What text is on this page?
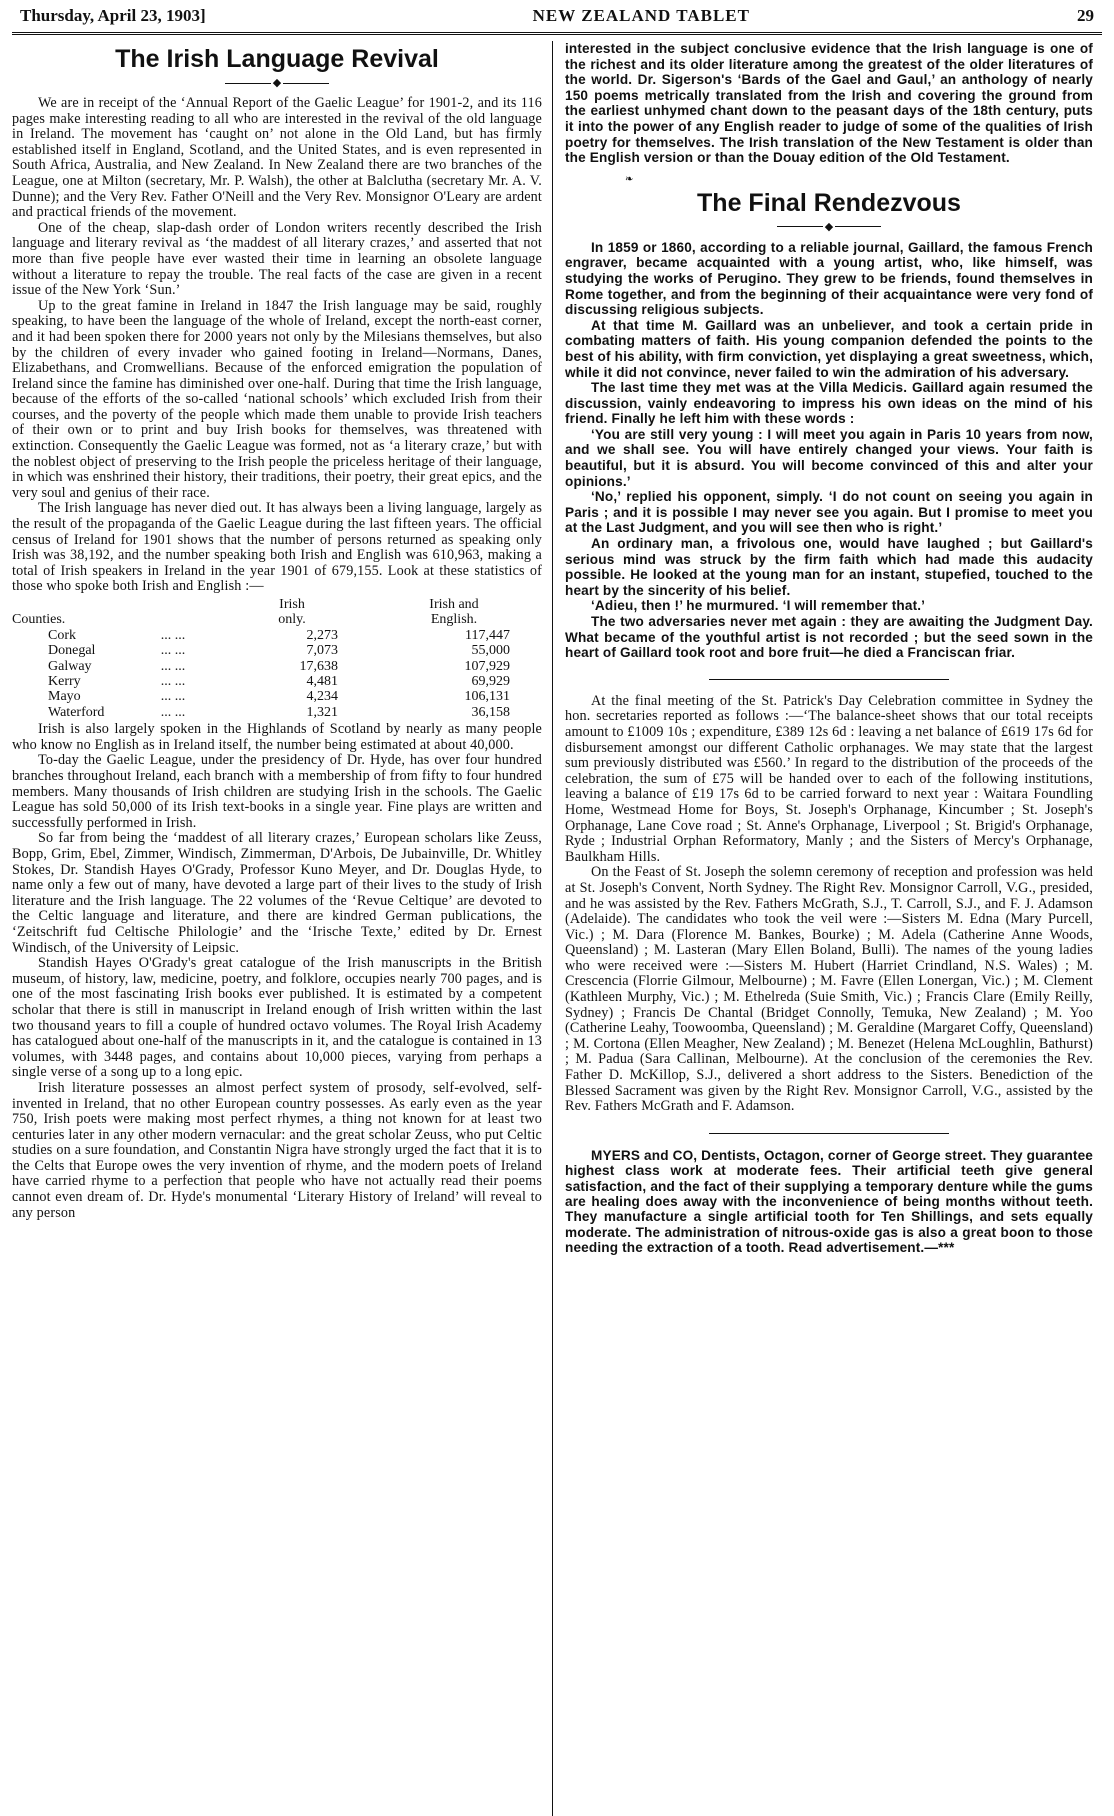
Thursday, April 23, 1903]	NEW ZEALAND TABLET	29
The Irish Language Revival
◆

We are in receipt of the ‘Annual Report of the Gaelic League’ for 1901-2, and its 116 pages make interesting reading to all who are interested in the revival of the old language in Ireland. The movement has ‘caught on’ not alone in the Old Land, but has firmly established itself in England, Scotland, and the United States, and is even represented in South Africa, Australia, and New Zealand. In New Zealand there are two branches of the League, one at Milton (secretary, Mr. P. Walsh), the other at Balclutha (secretary Mr. A. V. Dunne); and the Very Rev. Father O'Neill and the Very Rev. Monsignor O'Leary are ardent and practical friends of the movement.

One of the cheap, slap-dash order of London writers recently described the Irish language and literary revival as ‘the maddest of all literary crazes,’ and asserted that not more than five people have ever wasted their time in learning an obsolete language without a literature to repay the trouble. The real facts of the case are given in a recent issue of the New York ‘Sun.’

Up to the great famine in Ireland in 1847 the Irish language may be said, roughly speaking, to have been the language of the whole of Ireland, except the north-east corner, and it had been spoken there for 2000 years not only by the Milesians themselves, but also by the children of every invader who gained footing in Ireland—Normans, Danes, Elizabethans, and Cromwellians. Because of the enforced emigration the population of Ireland since the famine has diminished over one-half. During that time the Irish language, because of the efforts of the so-called ‘national schools’ which excluded Irish from their courses, and the poverty of the people which made them unable to provide Irish teachers of their own or to print and buy Irish books for themselves, was threatened with extinction. Consequently the Gaelic League was formed, not as ‘a literary craze,’ but with the noblest object of preserving to the Irish people the priceless heritage of their language, in which was enshrined their history, their traditions, their poetry, their great epics, and the very soul and genius of their race.

The Irish language has never died out. It has always been a living language, largely as the result of the propaganda of the Gaelic League during the last fifteen years. The official census of Ireland for 1901 shows that the number of persons returned as speaking only Irish was 38,192, and the number speaking both Irish and English was 610,963, making a total of Irish speakers in Ireland in the year 1901 of 679,155. Look at these statistics of those who spoke both Irish and English :—

		Irish	Irish and
Counties.		only.	English.
Cork	... ...	2,273	117,447
Donegal	... ...	7,073	55,000
Galway	... ...	17,638	107,929
Kerry	... ...	4,481	69,929
Mayo	... ...	4,234	106,131
Waterford	... ...	1,321	36,158

Irish is also largely spoken in the Highlands of Scotland by nearly as many people who know no English as in Ireland itself, the number being estimated at about 40,000.

To-day the Gaelic League, under the presidency of Dr. Hyde, has over four hundred branches throughout Ireland, each branch with a membership of from fifty to four hundred members. Many thousands of Irish children are studying Irish in the schools. The Gaelic League has sold 50,000 of its Irish text-books in a single year. Fine plays are written and successfully performed in Irish.

So far from being the ‘maddest of all literary crazes,’ European scholars like Zeuss, Bopp, Grim, Ebel, Zimmer, Windisch, Zimmerman, D'Arbois, De Jubainville, Dr. Whitley Stokes, Dr. Standish Hayes O'Grady, Professor Kuno Meyer, and Dr. Douglas Hyde, to name only a few out of many, have devoted a large part of their lives to the study of Irish literature and the Irish language. The 22 volumes of the ‘Revue Celtique’ are devoted to the Celtic language and literature, and there are kindred German publications, the ‘Zeitschrift fud Celtische Philologie’ and the ‘Irische Texte,’ edited by Dr. Ernest Windisch, of the University of Leipsic.

Standish Hayes O'Grady's great catalogue of the Irish manuscripts in the British museum, of history, law, medicine, poetry, and folklore, occupies nearly 700 pages, and is one of the most fascinating Irish books ever published. It is estimated by a competent scholar that there is still in manuscript in Ireland enough of Irish written within the last two thousand years to fill a couple of hundred octavo volumes. The Royal Irish Academy has catalogued about one-half of the manuscripts in it, and the catalogue is contained in 13 volumes, with 3448 pages, and contains about 10,000 pieces, varying from perhaps a single verse of a song up to a long epic.

Irish literature possesses an almost perfect system of prosody, self-evolved, self-invented in Ireland, that no other European country possesses. As early even as the year 750, Irish poets were making most perfect rhymes, a thing not known for at least two centuries later in any other modern vernacular: and the great scholar Zeuss, who put Celtic studies on a sure foundation, and Constantin Nigra have strongly urged the fact that it is to the Celts that Europe owes the very invention of rhyme, and the modern poets of Ireland have carried rhyme to a perfection that people who have not actually read their poems cannot even dream of. Dr. Hyde's monumental ‘Literary History of Ireland’ will reveal to any person

interested in the subject conclusive evidence that the Irish language is one of the richest and its older literature among the greatest of the older literatures of the world. Dr. Sigerson's ‘Bards of the Gael and Gaul,’ an anthology of nearly 150 poems metrically translated from the Irish and covering the ground from the earliest unhymed chant down to the peasant days of the 18th century, puts it into the power of any English reader to judge of some of the qualities of Irish poetry for themselves. The Irish translation of the New Testament is older than the English version or than the Douay edition of the Old Testament.

❧
The Final Rendezvous
◆

In 1859 or 1860, according to a reliable journal, Gaillard, the famous French engraver, became acquainted with a young artist, who, like himself, was studying the works of Perugino. They grew to be friends, found themselves in Rome together, and from the beginning of their acquaintance were very fond of discussing religious subjects.

At that time M. Gaillard was an unbeliever, and took a certain pride in combating matters of faith. His young companion defended the points to the best of his ability, with firm conviction, yet displaying a great sweetness, which, while it did not convince, never failed to win the admiration of his adversary.

The last time they met was at the Villa Medicis. Gaillard again resumed the discussion, vainly endeavoring to impress his own ideas on the mind of his friend. Finally he left him with these words :

‘You are still very young : I will meet you again in Paris 10 years from now, and we shall see. You will have entirely changed your views. Your faith is beautiful, but it is absurd. You will become convinced of this and alter your opinions.’

‘No,’ replied his opponent, simply. ‘I do not count on seeing you again in Paris ; and it is possible I may never see you again. But I promise to meet you at the Last Judgment, and you will see then who is right.’

An ordinary man, a frivolous one, would have laughed ; but Gaillard's serious mind was struck by the firm faith which had made this audacity possible. He looked at the young man for an instant, stupefied, touched to the heart by the sincerity of his belief.

‘Adieu, then !’ he murmured. ‘I will remember that.’

The two adversaries never met again : they are awaiting the Judgment Day. What became of the youthful artist is not recorded ; but the seed sown in the heart of Gaillard took root and bore fruit—he died a Franciscan friar.

At the final meeting of the St. Patrick's Day Celebration committee in Sydney the hon. secretaries reported as follows :—‘The balance-sheet shows that our total receipts amount to £1009 10s ; expenditure, £389 12s 6d : leaving a net balance of £619 17s 6d for disbursement amongst our different Catholic orphanages. We may state that the largest sum previously distributed was £560.’ In regard to the distribution of the proceeds of the celebration, the sum of £75 will be handed over to each of the following institutions, leaving a balance of £19 17s 6d to be carried forward to next year : Waitara Foundling Home, Westmead Home for Boys, St. Joseph's Orphanage, Kincumber ; St. Joseph's Orphanage, Lane Cove road ; St. Anne's Orphanage, Liverpool ; St. Brigid's Orphanage, Ryde ; Industrial Orphan Reformatory, Manly ; and the Sisters of Mercy's Orphanage, Baulkham Hills.

On the Feast of St. Joseph the solemn ceremony of reception and profession was held at St. Joseph's Convent, North Sydney. The Right Rev. Monsignor Carroll, V.G., presided, and he was assisted by the Rev. Fathers McGrath, S.J., T. Carroll, S.J., and F. J. Adamson (Adelaide). The candidates who took the veil were :—Sisters M. Edna (Mary Purcell, Vic.) ; M. Dara (Florence M. Bankes, Bourke) ; M. Adela (Catherine Anne Woods, Queensland) ; M. Lasteran (Mary Ellen Boland, Bulli). The names of the young ladies who were received were :—Sisters M. Hubert (Harriet Crindland, N.S. Wales) ; M. Crescencia (Florrie Gilmour, Melbourne) ; M. Favre (Ellen Lonergan, Vic.) ; M. Clement (Kathleen Murphy, Vic.) ; M. Ethelreda (Suie Smith, Vic.) ; Francis Clare (Emily Reilly, Sydney) ; Francis De Chantal (Bridget Connolly, Temuka, New Zealand) ; M. Yoo (Catherine Leahy, Toowoomba, Queensland) ; M. Geraldine (Margaret Coffy, Queensland) ; M. Cortona (Ellen Meagher, New Zealand) ; M. Benezet (Helena McLoughlin, Bathurst) ; M. Padua (Sara Callinan, Melbourne). At the conclusion of the ceremonies the Rev. Father D. McKillop, S.J., delivered a short address to the Sisters. Benediction of the Blessed Sacrament was given by the Right Rev. Monsignor Carroll, V.G., assisted by the Rev. Fathers McGrath and F. Adamson.

MYERS and CO, Dentists, Octagon, corner of George street. They guarantee highest class work at moderate fees. Their artificial teeth give general satisfaction, and the fact of their supplying a temporary denture while the gums are healing does away with the inconvenience of being months without teeth. They manufacture a single artificial tooth for Ten Shillings, and sets equally moderate. The administration of nitrous-oxide gas is also a great boon to those needing the extraction of a tooth. Read advertisement.—***
